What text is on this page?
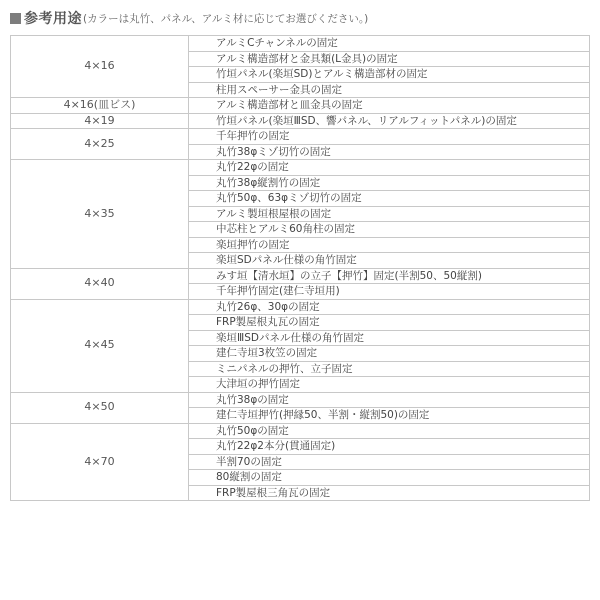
参考用途 (カラーは丸竹、パネル、アルミ材に応じてお選びください。)
4×16	アルミCチャンネルの固定
	アルミ構造部材と金具類(L金具)の固定
	竹垣パネル(楽垣SD)とアルミ構造部材の固定
	柱用スペーサー金具の固定
4×16(皿ビス)	アルミ構造部材と皿金具の固定
4×19	竹垣パネル(楽垣ⅢSD、響パネル、リアルフィットパネル)の固定
4×25	千年押竹の固定
	丸竹38φミゾ切竹の固定
4×35	丸竹22φの固定
	丸竹38φ縦割竹の固定
	丸竹50φ、63φミゾ切竹の固定
	アルミ製垣根屋根の固定
	中芯柱とアルミ60角柱の固定
	楽垣押竹の固定
	楽垣SDパネル仕様の角竹固定
4×40	みす垣【清水垣】の立子【押竹】固定(半割50、50縦割)
	千年押竹固定(建仁寺垣用)
4×45	丸竹26φ、30φの固定
	FRP製屋根丸瓦の固定
	楽垣ⅢSDパネル仕様の角竹固定
	建仁寺垣3枚笠の固定
	ミニパネルの押竹、立子固定
	大津垣の押竹固定
4×50	丸竹38φの固定
	建仁寺垣押竹(押縁50、半割・縦割50)の固定
4×70	丸竹50φの固定
	丸竹22φ2本分(貫通固定)
	半割70の固定
	80縦割の固定
	FRP製屋根三角瓦の固定
